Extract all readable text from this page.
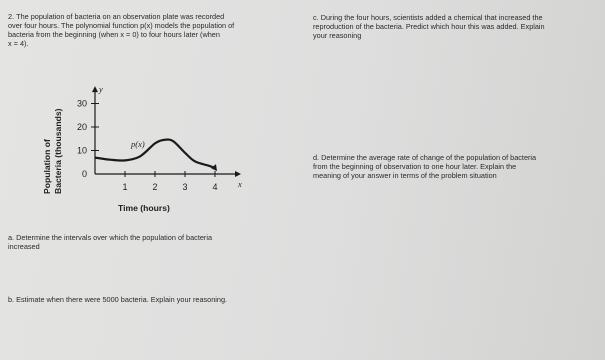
2. The population of bacteria on an observation plate was recorded
over four hours. The polynomial function p(x) models the population of
bacteria from the beginning (when x = 0) to four hours later (when
x = 4).
c. During the four hours, scientists added a chemical that increased the
reproduction of the bacteria. Predict which hour this was added. Explain
your reasoning
d. Determine the average rate of change of the population of bacteria
from the beginning of observation to one hour later. Explain the
meaning of your answer in terms of the problem situation
a. Determine the intervals over which the population of bacteria
increased
b. Estimate when there were 5000 bacteria. Explain your reasoning.
Population of Bacteria (thousands)
Time (hours)
0
10
20
30
1	2	3	4
y
x
p(x)
